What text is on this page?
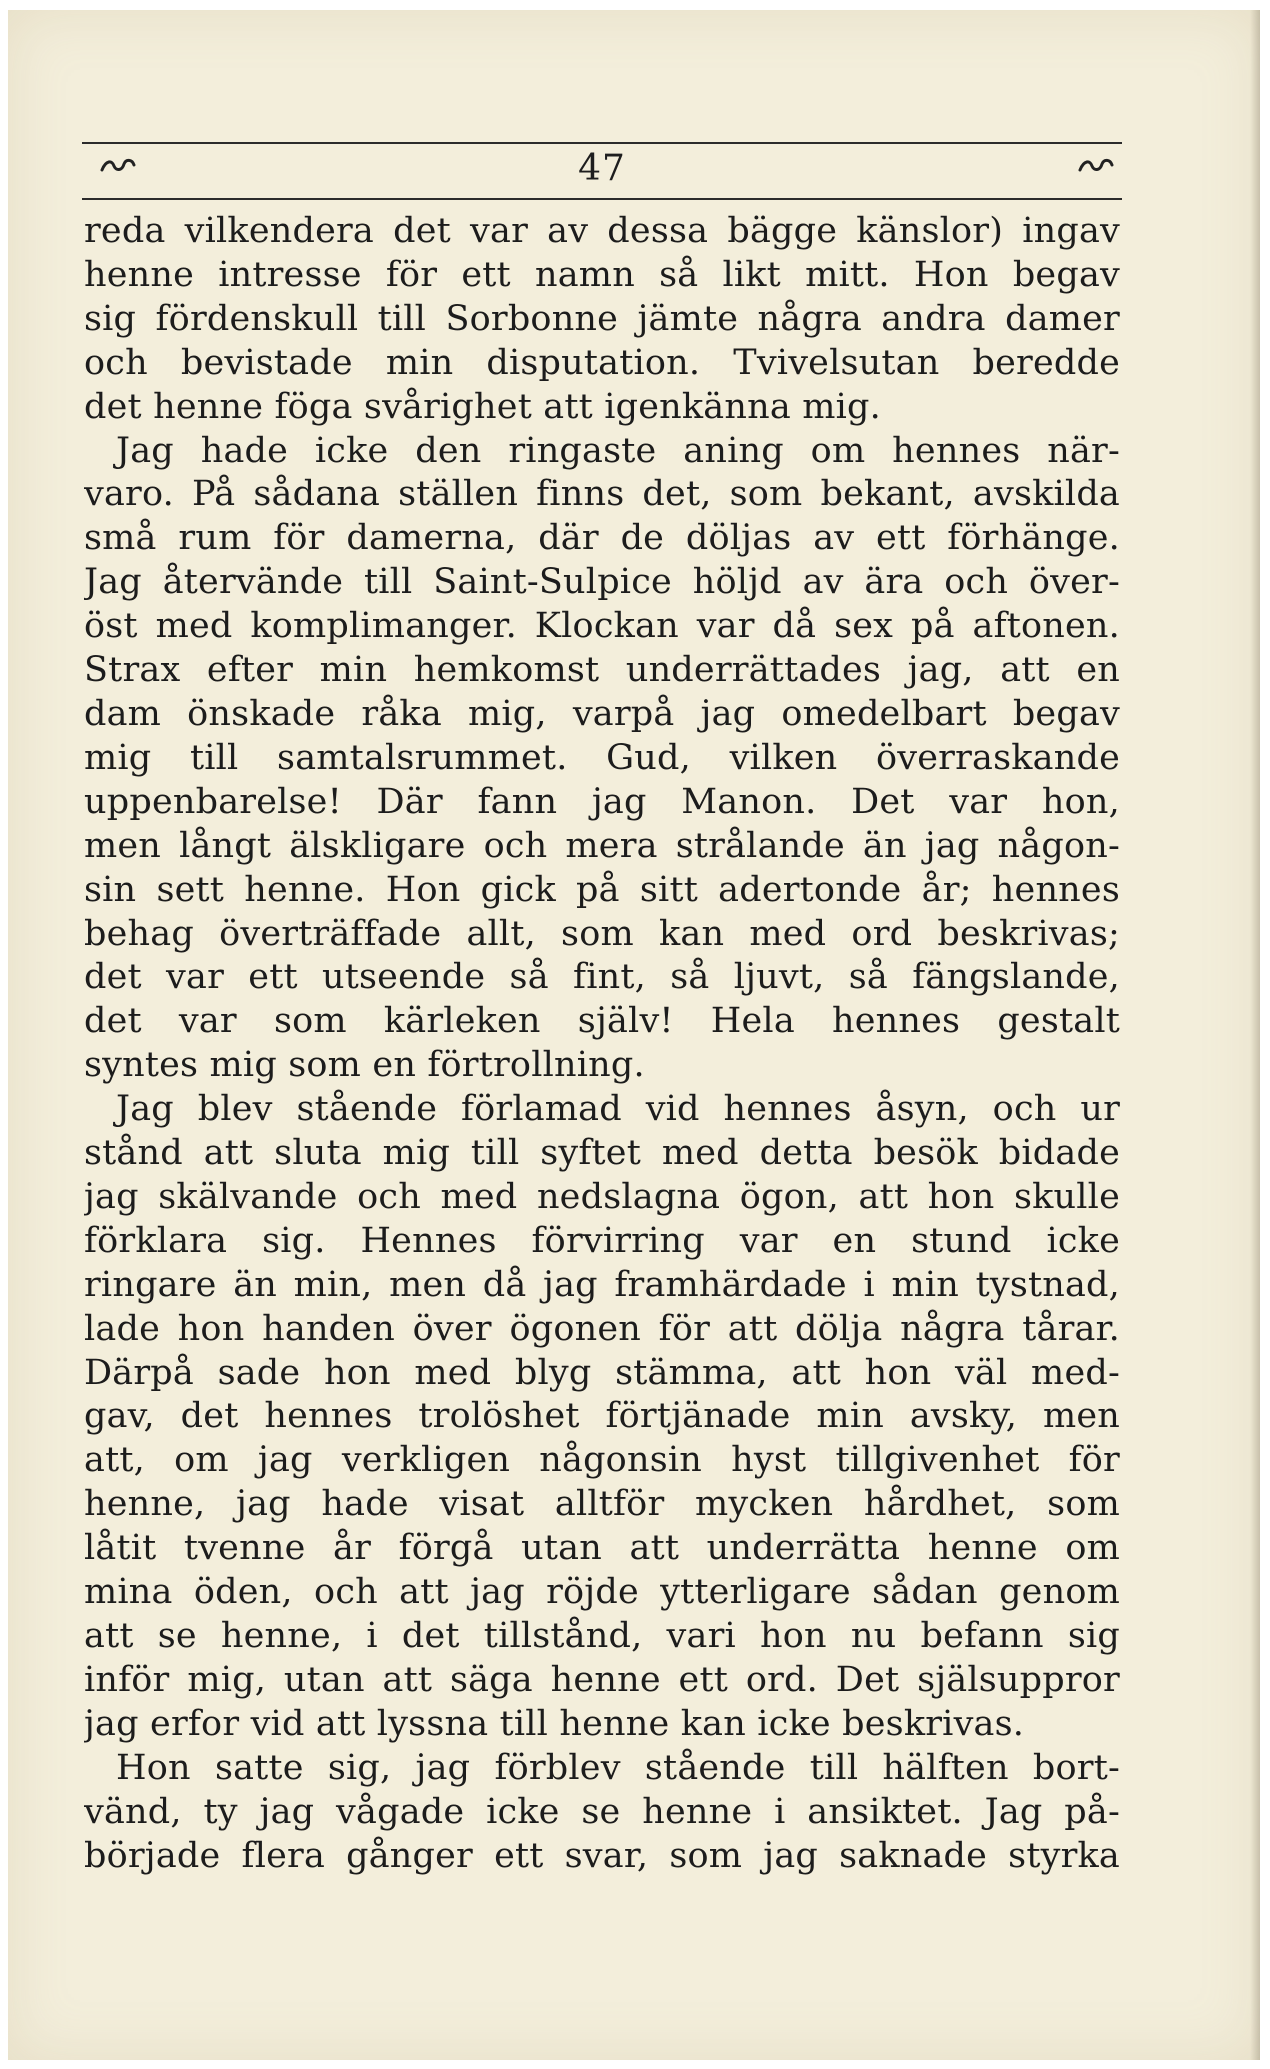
47
reda vilkendera det var av dessa bägge känslor) ingav
henne intresse för ett namn så likt mitt. Hon begav
sig fördenskull till Sorbonne jämte några andra damer
och bevistade min disputation. Tvivelsutan beredde
det henne föga svårighet att igenkänna mig.
Jag hade icke den ringaste aning om hennes när-
varo. På sådana ställen finns det, som bekant, avskilda
små rum för damerna, där de döljas av ett förhänge.
Jag återvände till Saint-Sulpice höljd av ära och över-
öst med komplimanger. Klockan var då sex på aftonen.
Strax efter min hemkomst underrättades jag, att en
dam önskade råka mig, varpå jag omedelbart begav
mig till samtalsrummet. Gud, vilken överraskande
uppenbarelse! Där fann jag Manon. Det var hon,
men långt älskligare och mera strålande än jag någon-
sin sett henne. Hon gick på sitt adertonde år; hennes
behag överträffade allt, som kan med ord beskrivas;
det var ett utseende så fint, så ljuvt, så fängslande,
det var som kärleken själv! Hela hennes gestalt
syntes mig som en förtrollning.
Jag blev stående förlamad vid hennes åsyn, och ur
stånd att sluta mig till syftet med detta besök bidade
jag skälvande och med nedslagna ögon, att hon skulle
förklara sig. Hennes förvirring var en stund icke
ringare än min, men då jag framhärdade i min tystnad,
lade hon handen över ögonen för att dölja några tårar.
Därpå sade hon med blyg stämma, att hon väl med-
gav, det hennes trolöshet förtjänade min avsky, men
att, om jag verkligen någonsin hyst tillgivenhet för
henne, jag hade visat alltför mycken hårdhet, som
låtit tvenne år förgå utan att underrätta henne om
mina öden, och att jag röjde ytterligare sådan genom
att se henne, i det tillstånd, vari hon nu befann sig
inför mig, utan att säga henne ett ord. Det själsuppror
jag erfor vid att lyssna till henne kan icke beskrivas.
Hon satte sig, jag förblev stående till hälften bort-
vänd, ty jag vågade icke se henne i ansiktet. Jag på-
började flera gånger ett svar, som jag saknade styrka
